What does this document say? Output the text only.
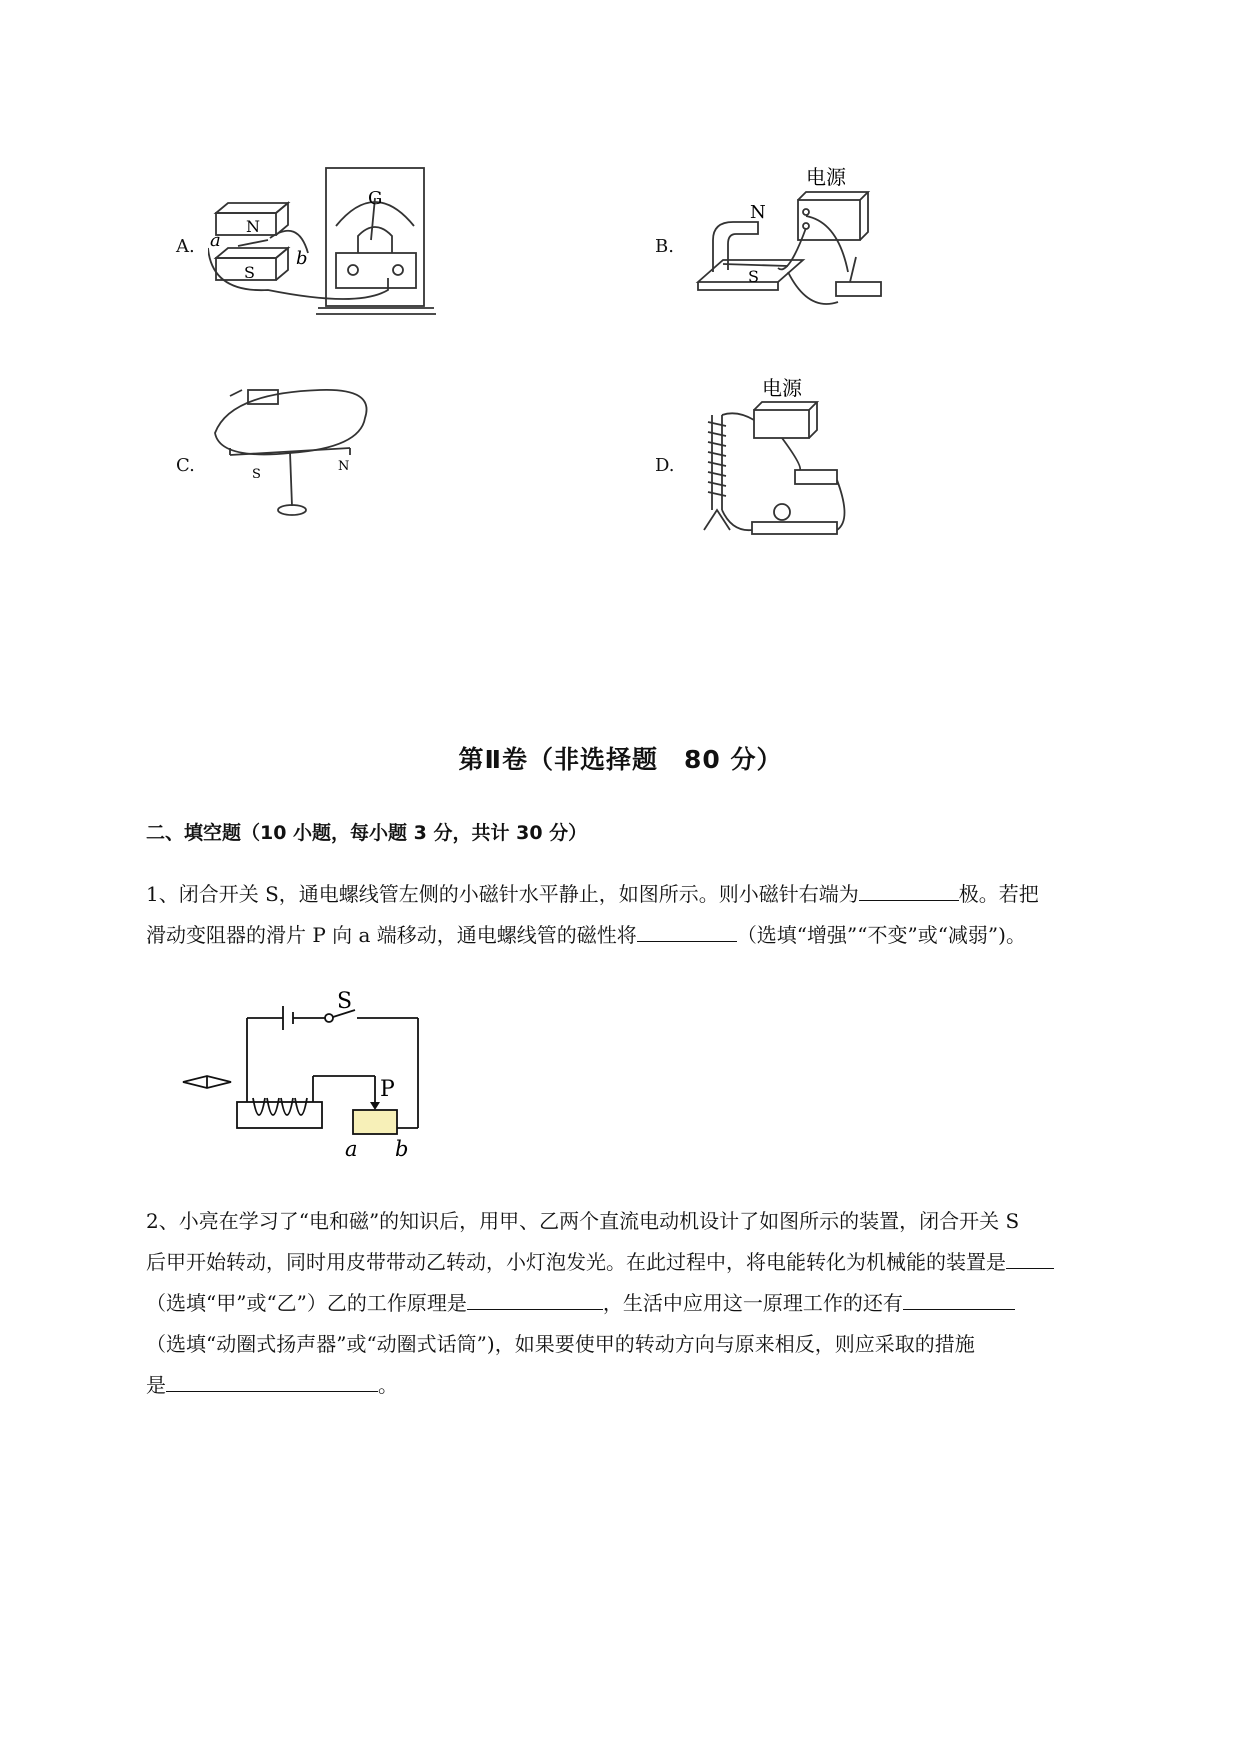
A.	B.
C.	D.
G
N
S
a
b
电源
N
S
S
N
电源
第Ⅱ卷（非选择题　80 分）
二、填空题（10 小题，每小题 3 分，共计 30 分）
1、闭合开关 S，通电螺线管左侧的小磁针水平静止，如图所示。则小磁针右端为	极。若把
滑动变阻器的滑片 P 向 a 端移动，通电螺线管的磁性将	（选填“增强”“不变”或“减弱”)。
S
P
a b
2、小亮在学习了“电和磁”的知识后，用甲、乙两个直流电动机设计了如图所示的装置，闭合开关 S
后甲开始转动，同时用皮带带动乙转动，小灯泡发光。在此过程中，将电能转化为机械能的装置是
（选填“甲”或“乙”）乙的工作原理是	，生活中应用这一原理工作的还有
（选填“动圈式扬声器”或“动圈式话筒”)，如果要使甲的转动方向与原来相反，则应采取的措施
是	。
